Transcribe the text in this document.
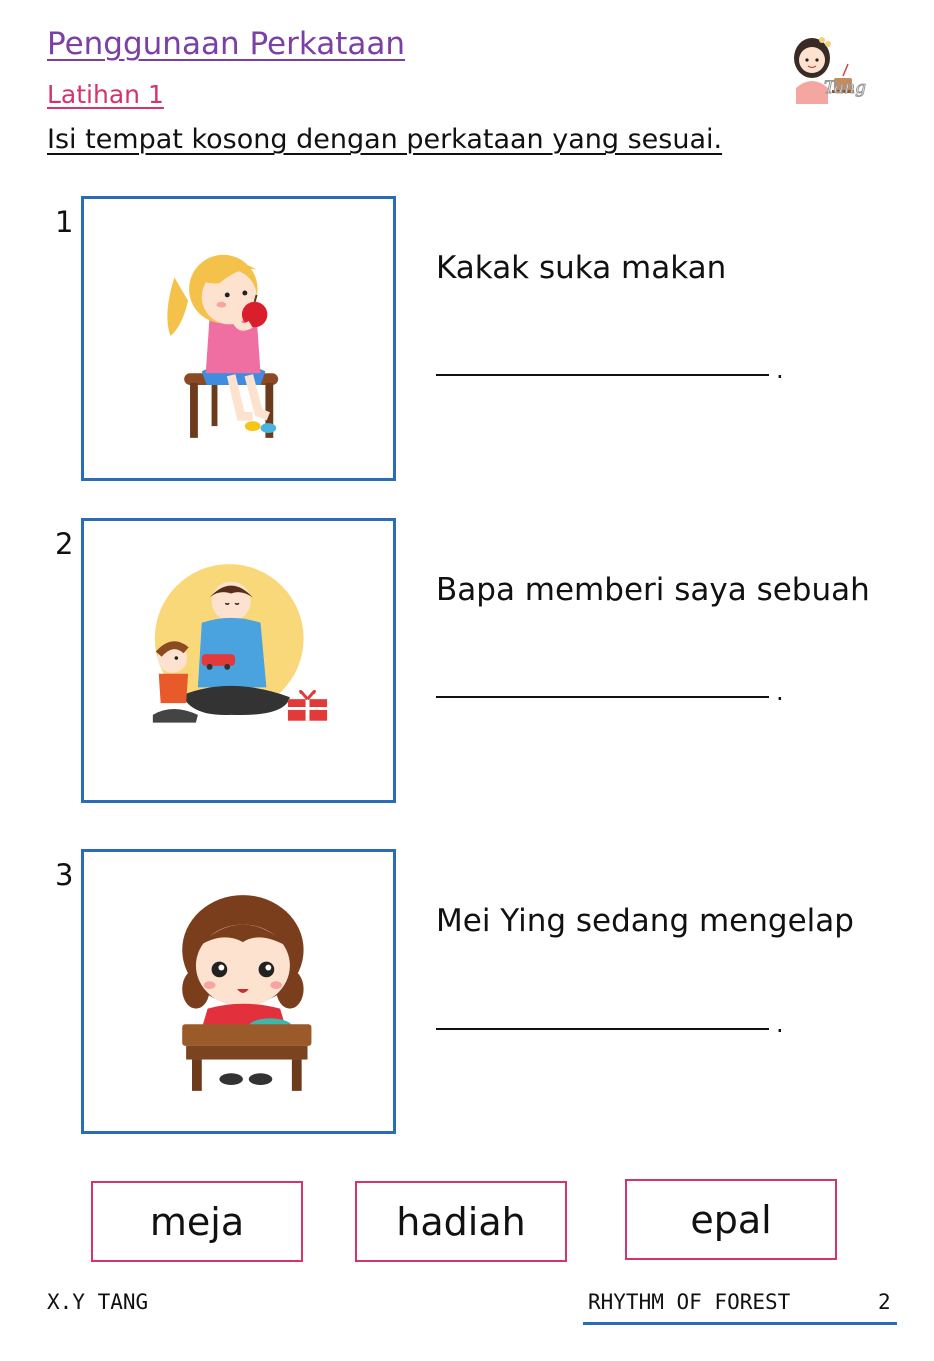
Penggunaan Perkataan
Latihan 1
Isi tempat kosong dengan perkataan yang sesuai.
Tang
1
Kakak suka makan
.
2
Bapa memberi saya sebuah
.
3
Mei Ying sedang mengelap
.
meja	hadiah	epal
X.Y TANG	RHYTHM OF FOREST	2
